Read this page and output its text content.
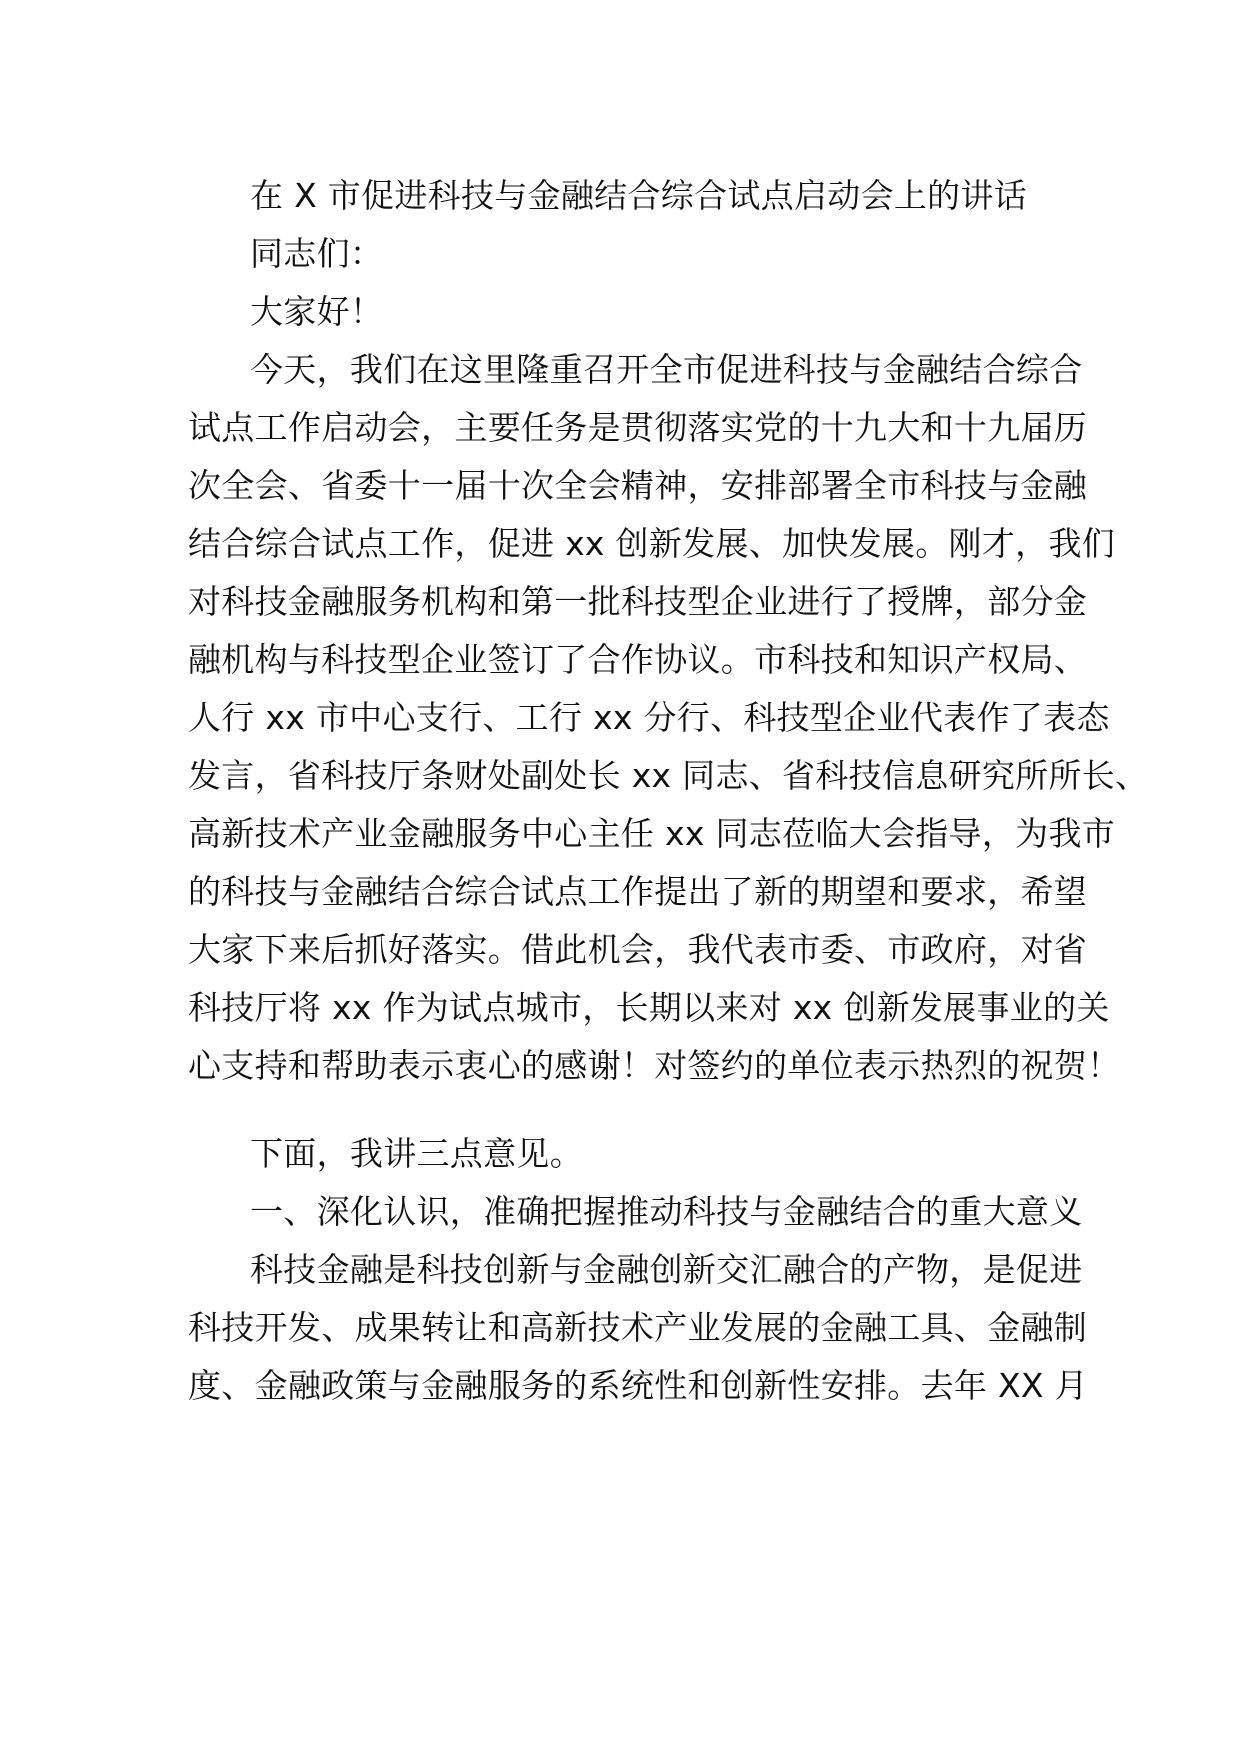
在 X 市促进科技与金融结合综合试点启动会上的讲话
同志们：
大家好！
今天，我们在这里隆重召开全市促进科技与金融结合综合
试点工作启动会，主要任务是贯彻落实党的十九大和十九届历
次全会、省委十一届十次全会精神，安排部署全市科技与金融
结合综合试点工作，促进 xx 创新发展、加快发展。刚才，我们
对科技金融服务机构和第一批科技型企业进行了授牌，部分金
融机构与科技型企业签订了合作协议。市科技和知识产权局、
人行 xx 市中心支行、工行 xx 分行、科技型企业代表作了表态
发言，省科技厅条财处副处长 xx 同志、省科技信息研究所所长、
高新技术产业金融服务中心主任 xx 同志莅临大会指导，为我市
的科技与金融结合综合试点工作提出了新的期望和要求，希望
大家下来后抓好落实。借此机会，我代表市委、市政府，对省
科技厅将 xx 作为试点城市，长期以来对 xx 创新发展事业的关
心支持和帮助表示衷心的感谢！对签约的单位表示热烈的祝贺！
下面，我讲三点意见。
一、深化认识，准确把握推动科技与金融结合的重大意义
科技金融是科技创新与金融创新交汇融合的产物，是促进
科技开发、成果转让和高新技术产业发展的金融工具、金融制
度、金融政策与金融服务的系统性和创新性安排。去年 XX 月
